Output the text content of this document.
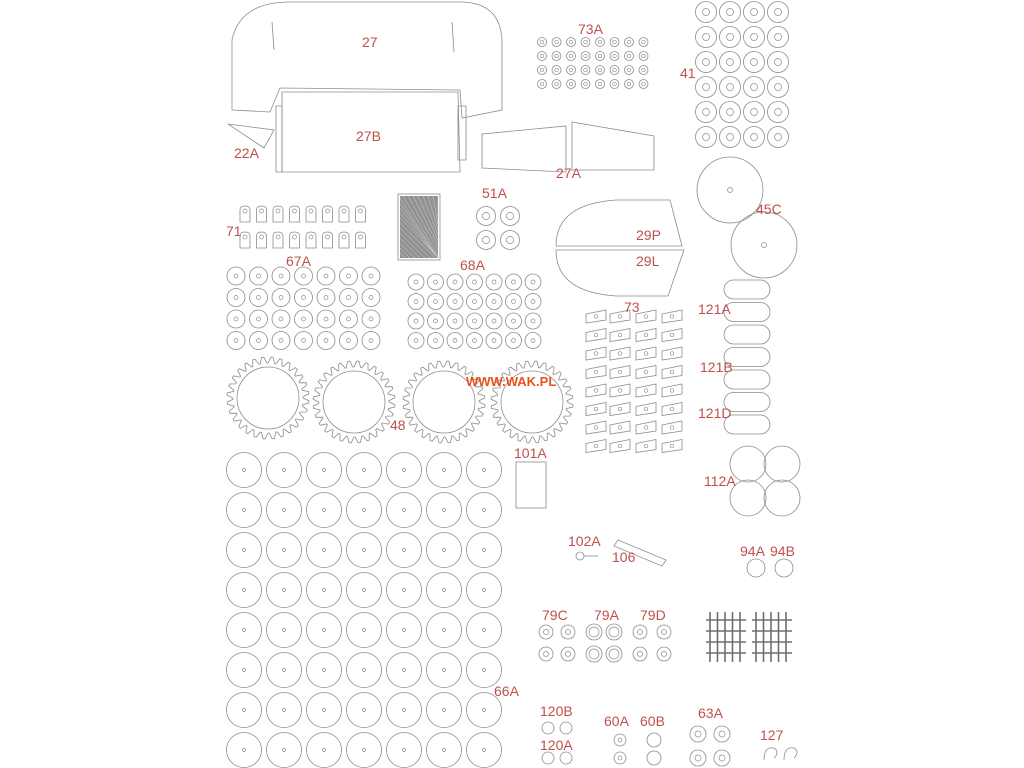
27
27B
22A
27A
73A
41
45C
29P
29L
71
51A
67A	68A
73	121A
121B
121D
48
WWW.WAK.PL
101A
112A
102A
106	94A 94B
79C 79A 79D
66A
120B
120A
60A 60B 63A
127
